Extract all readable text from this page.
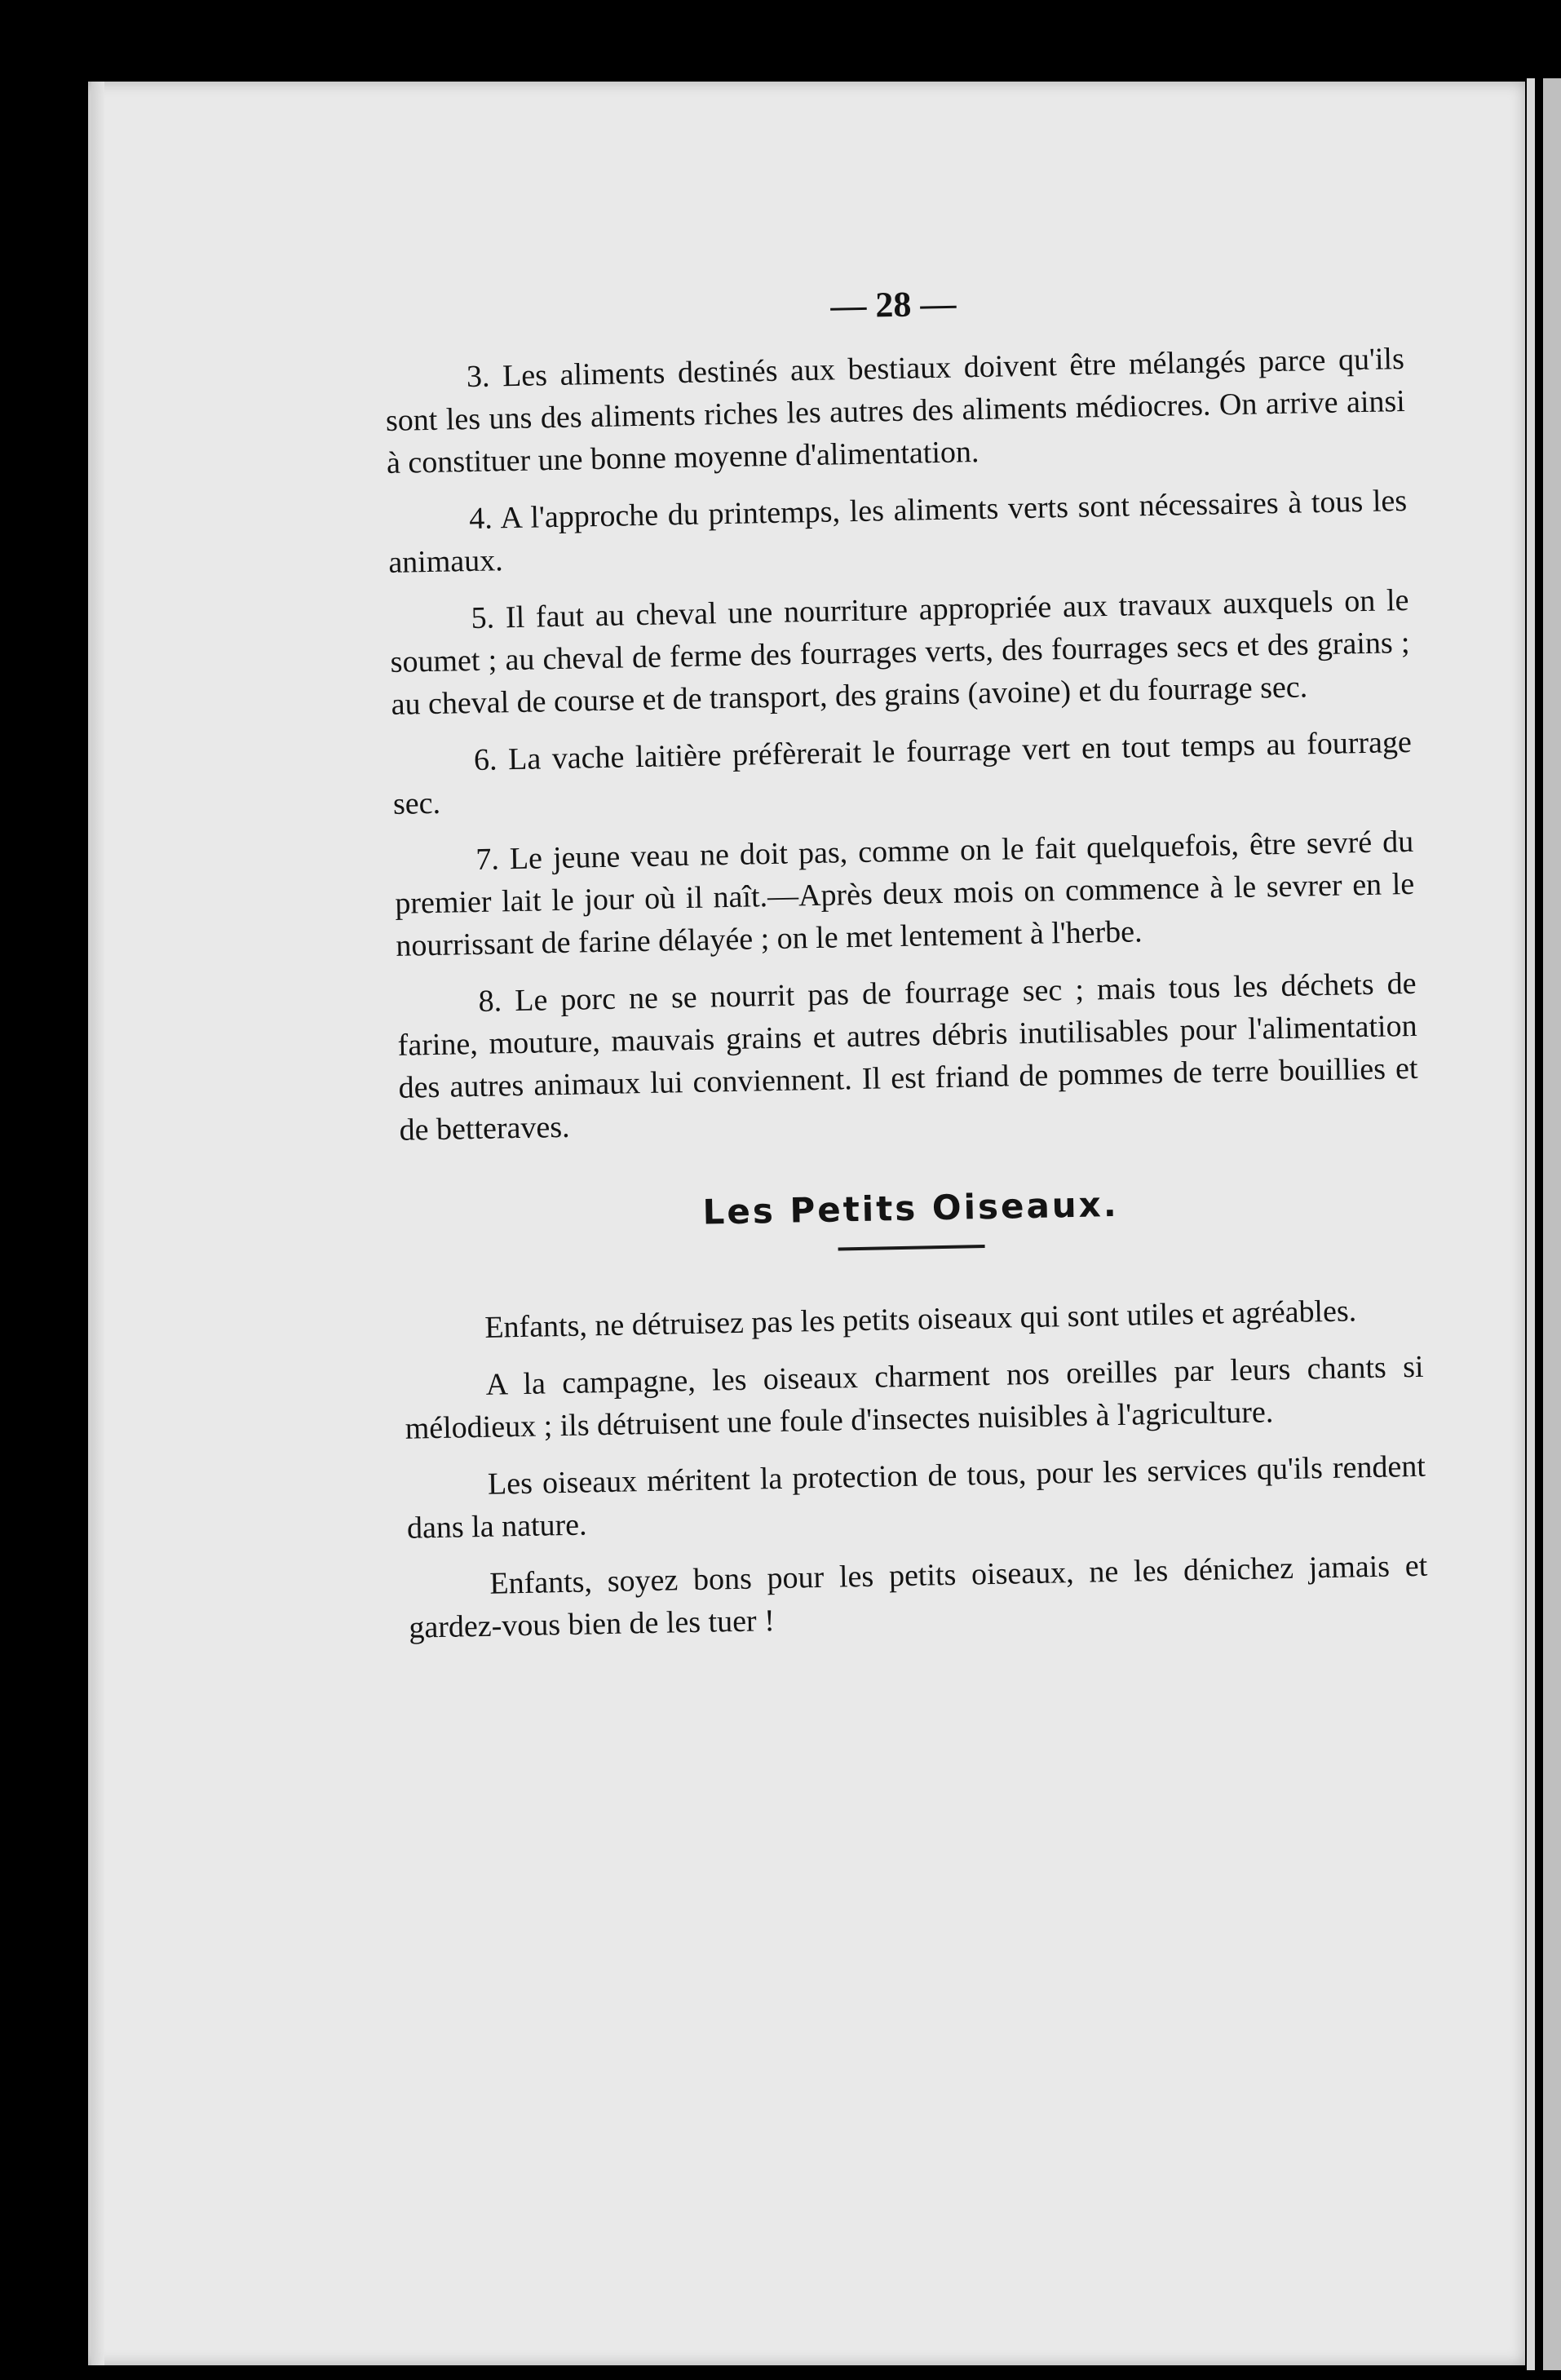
— 28 —

3. Les aliments destinés aux bestiaux doivent être mélangés parce qu'ils sont les uns des aliments riches les autres des aliments médiocres. On arrive ainsi à constituer une bonne moyenne d'alimentation.

4. A l'approche du printemps, les aliments verts sont nécessaires à tous les animaux.

5. Il faut au cheval une nourriture appropriée aux travaux auxquels on le soumet ; au cheval de ferme des fourrages verts, des fourrages secs et des grains ; au cheval de course et de transport, des grains (avoine) et du fourrage sec.

6. La vache laitière préfèrerait le fourrage vert en tout temps au fourrage sec.

7. Le jeune veau ne doit pas, comme on le fait quelquefois, être sevré du premier lait le jour où il naît.—Après deux mois on commence à le sevrer en le nourrissant de farine délayée ; on le met lentement à l'herbe.

8. Le porc ne se nourrit pas de fourrage sec ; mais tous les déchets de farine, mouture, mauvais grains et autres débris inutilisables pour l'alimentation des autres animaux lui conviennent. Il est friand de pommes de terre bouillies et de betteraves.

Les Petits Oiseaux.

Enfants, ne détruisez pas les petits oiseaux qui sont utiles et agréables.

A la campagne, les oiseaux charment nos oreilles par leurs chants si mélodieux ; ils détruisent une foule d'insectes nuisibles à l'agriculture.

Les oiseaux méritent la protection de tous, pour les services qu'ils rendent dans la nature.

Enfants, soyez bons pour les petits oiseaux, ne les dénichez jamais et gardez-vous bien de les tuer !
